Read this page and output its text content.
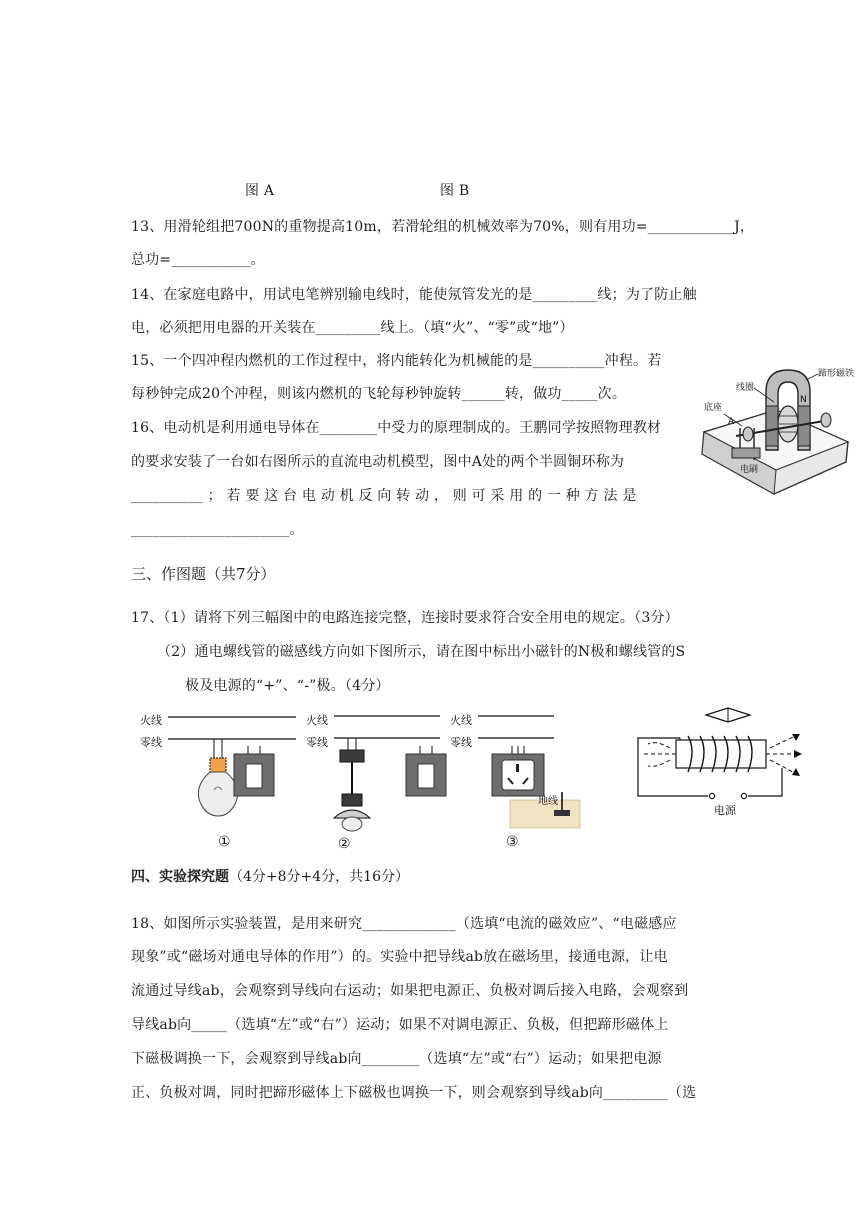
图 A	图 B
13、用滑轮组把700N的重物提高10m，若滑轮组的机械效率为70%，则有用功=____________J，
总功=___________。
14、在家庭电路中，用试电笔辨别输电线时，能使氖管发光的是_________线；为了防止触
电，必须把用电器的开关装在_________线上。（填“火”、“零”或“地”）
15、一个四冲程内燃机的工作过程中，将内能转化为机械能的是__________冲程。若
每秒钟完成20个冲程，则该内燃机的飞轮每秒钟旋转______转，做功_____次。
16、电动机是利用通电导体在________中受力的原理制成的。王鹏同学按照物理教材
的要求安装了一台如右图所示的直流电动机模型，图中A处的两个半圆铜环称为
__________ ； 若 要 这 台 电 动 机 反 向 转 动 ， 则 可 采 用 的 一 种 方 法 是
______________________。
蹄形磁铁
线圈
底座
A
电刷
N
三、作图题（共7分）
17、（1）请将下列三幅图中的电路连接完整，连接时要求符合安全用电的规定。（3分）
（2）通电螺线管的磁感线方向如下图所示，请在图中标出小磁针的N极和螺线管的S
极及电源的“+”、“-”极。（4分）
火线
零线
①
火线
零线
②
火线
零线
地线
③
电源
四、实验探究题（4分+8分+4分，共16分）
18、如图所示实验装置，是用来研究_____________（选填“电流的磁效应”、“电磁感应
现象”或“磁场对通电导体的作用”）的。实验中把导线ab放在磁场里，接通电源，让电
流通过导线ab，会观察到导线向右运动；如果把电源正、负极对调后接入电路，会观察到
导线ab向_____（选填“左”或“右”）运动；如果不对调电源正、负极，但把蹄形磁体上
下磁极调换一下，会观察到导线ab向________（选填“左”或“右”）运动；如果把电源
正、负极对调，同时把蹄形磁体上下磁极也调换一下，则会观察到导线ab向_________（选
